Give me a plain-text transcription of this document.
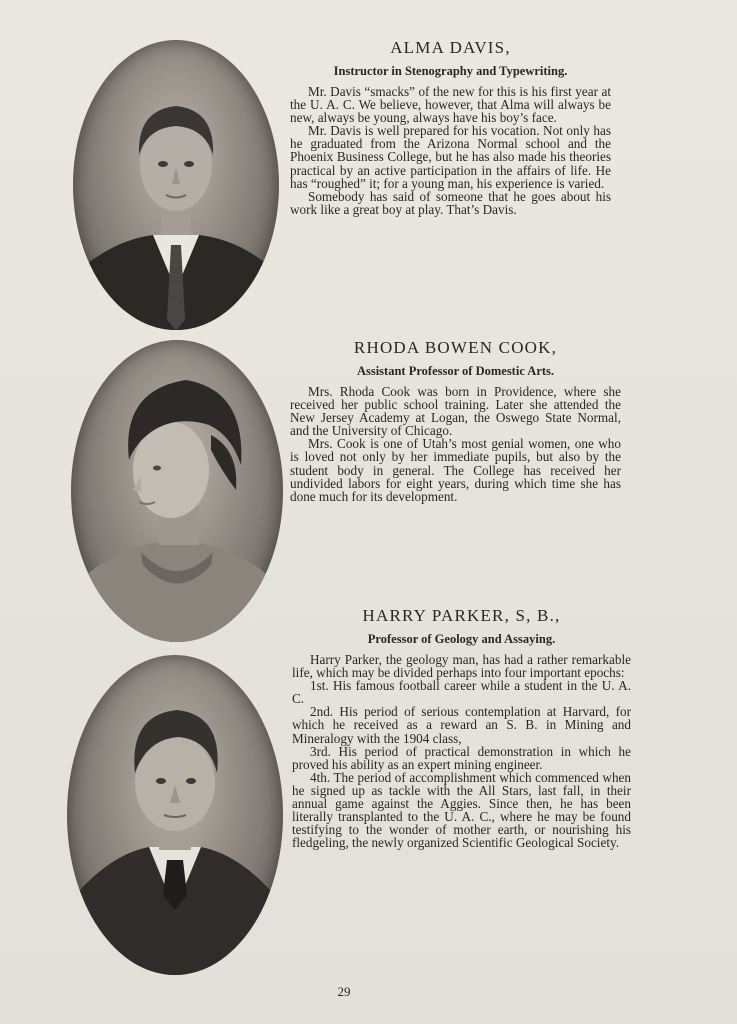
ALMA DAVIS,
Instructor in Stenography and Typewriting.

Mr. Davis “smacks” of the new for this is his first year at the U. A. C. We believe, however, that Alma will always be new, always be young, always have his boy’s face.

Mr. Davis is well prepared for his vocation. Not only has he graduated from the Arizona Normal school and the Phoenix Business College, but he has also made his theories practical by an active participation in the affairs of life. He has “roughed” it; for a young man, his experience is varied.

Somebody has said of someone that he goes about his work like a great boy at play. That’s Davis.

RHODA BOWEN COOK,
Assistant Professor of Domestic Arts.

Mrs. Rhoda Cook was born in Providence, where she received her public school training. Later she attended the New Jersey Academy at Logan, the Oswego State Normal, and the University of Chicago.

Mrs. Cook is one of Utah’s most genial women, one who is loved not only by her immediate pupils, but also by the student body in general. The College has received her undivided labors for eight years, during which time she has done much for its development.

HARRY PARKER, S, B.,
Professor of Geology and Assaying.

Harry Parker, the geology man, has had a rather remarkable life, which may be divided perhaps into four important epochs:

1st. His famous football career while a student in the U. A. C.

2nd. His period of serious contemplation at Harvard, for which he received as a reward an S. B. in Mining and Mineralogy with the 1904 class,

3rd. His period of practical demonstration in which he proved his ability as an expert mining engineer.

4th. The period of accomplishment which commenced when he signed up as tackle with the All Stars, last fall, in their annual game against the Aggies. Since then, he has been literally transplanted to the U. A. C., where he may be found testifying to the wonder of mother earth, or nourishing his fledgeling, the newly organized Scientific Geological Society.

29
